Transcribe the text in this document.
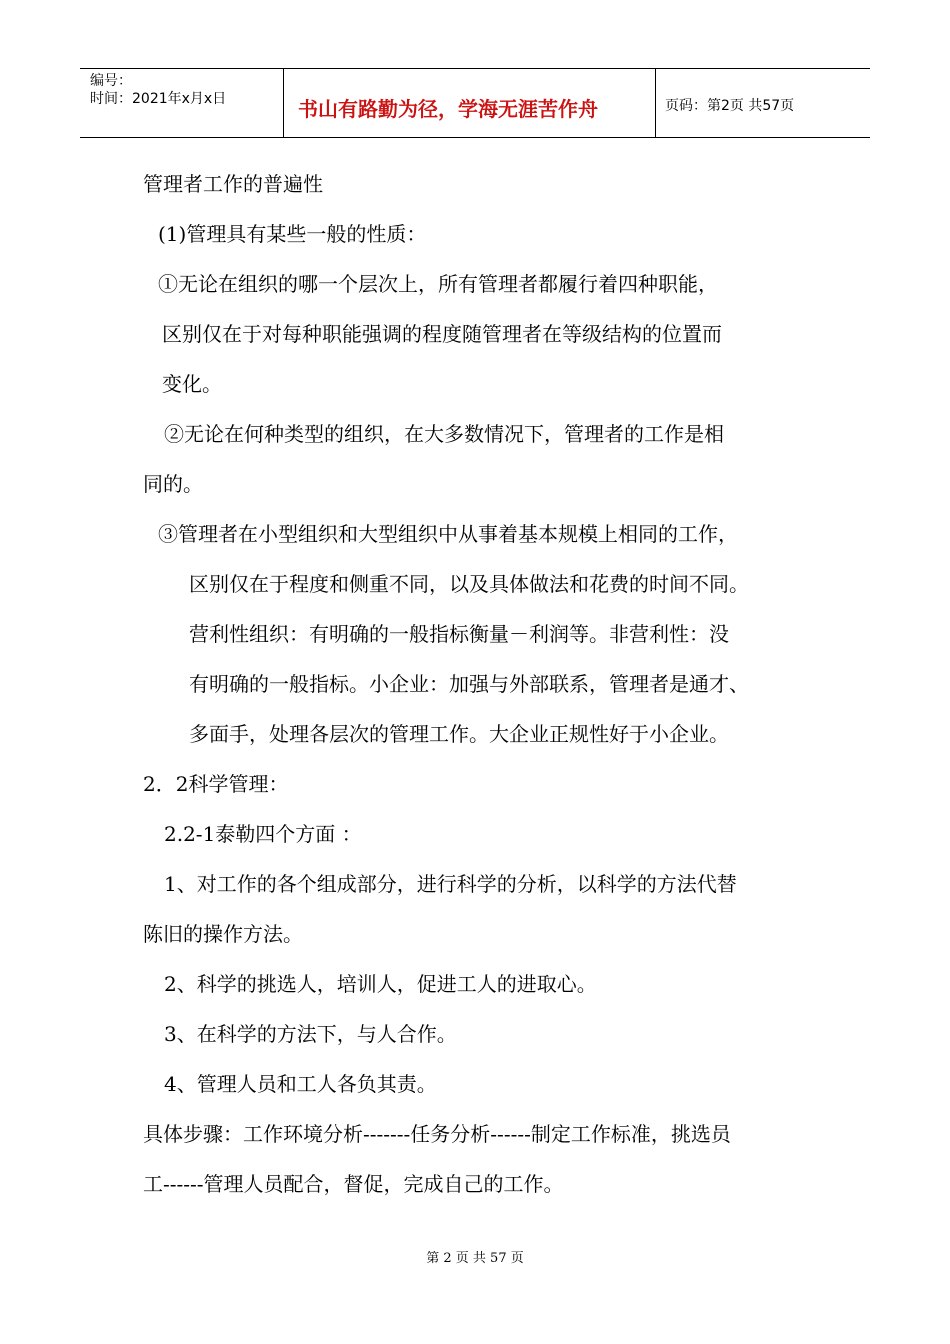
编号：
时间：2021年x月x日	书山有路勤为径，学海无涯苦作舟	页码：第2页 共57页
管理者工作的普遍性
(1)管理具有某些一般的性质：
①无论在组织的哪一个层次上，所有管理者都履行着四种职能，
区别仅在于对每种职能强调的程度随管理者在等级结构的位置而
变化。
②无论在何种类型的组织，在大多数情况下，管理者的工作是相
同的。
③管理者在小型组织和大型组织中从事着基本规模上相同的工作，
区别仅在于程度和侧重不同，以及具体做法和花费的时间不同。
营利性组织：有明确的一般指标衡量－利润等。非营利性：没
有明确的一般指标。小企业：加强与外部联系，管理者是通才、
多面手，处理各层次的管理工作。大企业正规性好于小企业。
2．2科学管理：
2.2-1泰勒四个方面 ：
1、对工作的各个组成部分，进行科学的分析，以科学的方法代替
陈旧的操作方法。
2、科学的挑选人，培训人，促进工人的进取心。
3、在科学的方法下，与人合作。
4、管理人员和工人各负其责。
具体步骤：工作环境分析-------任务分析------制定工作标准，挑选员
工------管理人员配合，督促，完成自己的工作。
第 2 页 共 57 页
